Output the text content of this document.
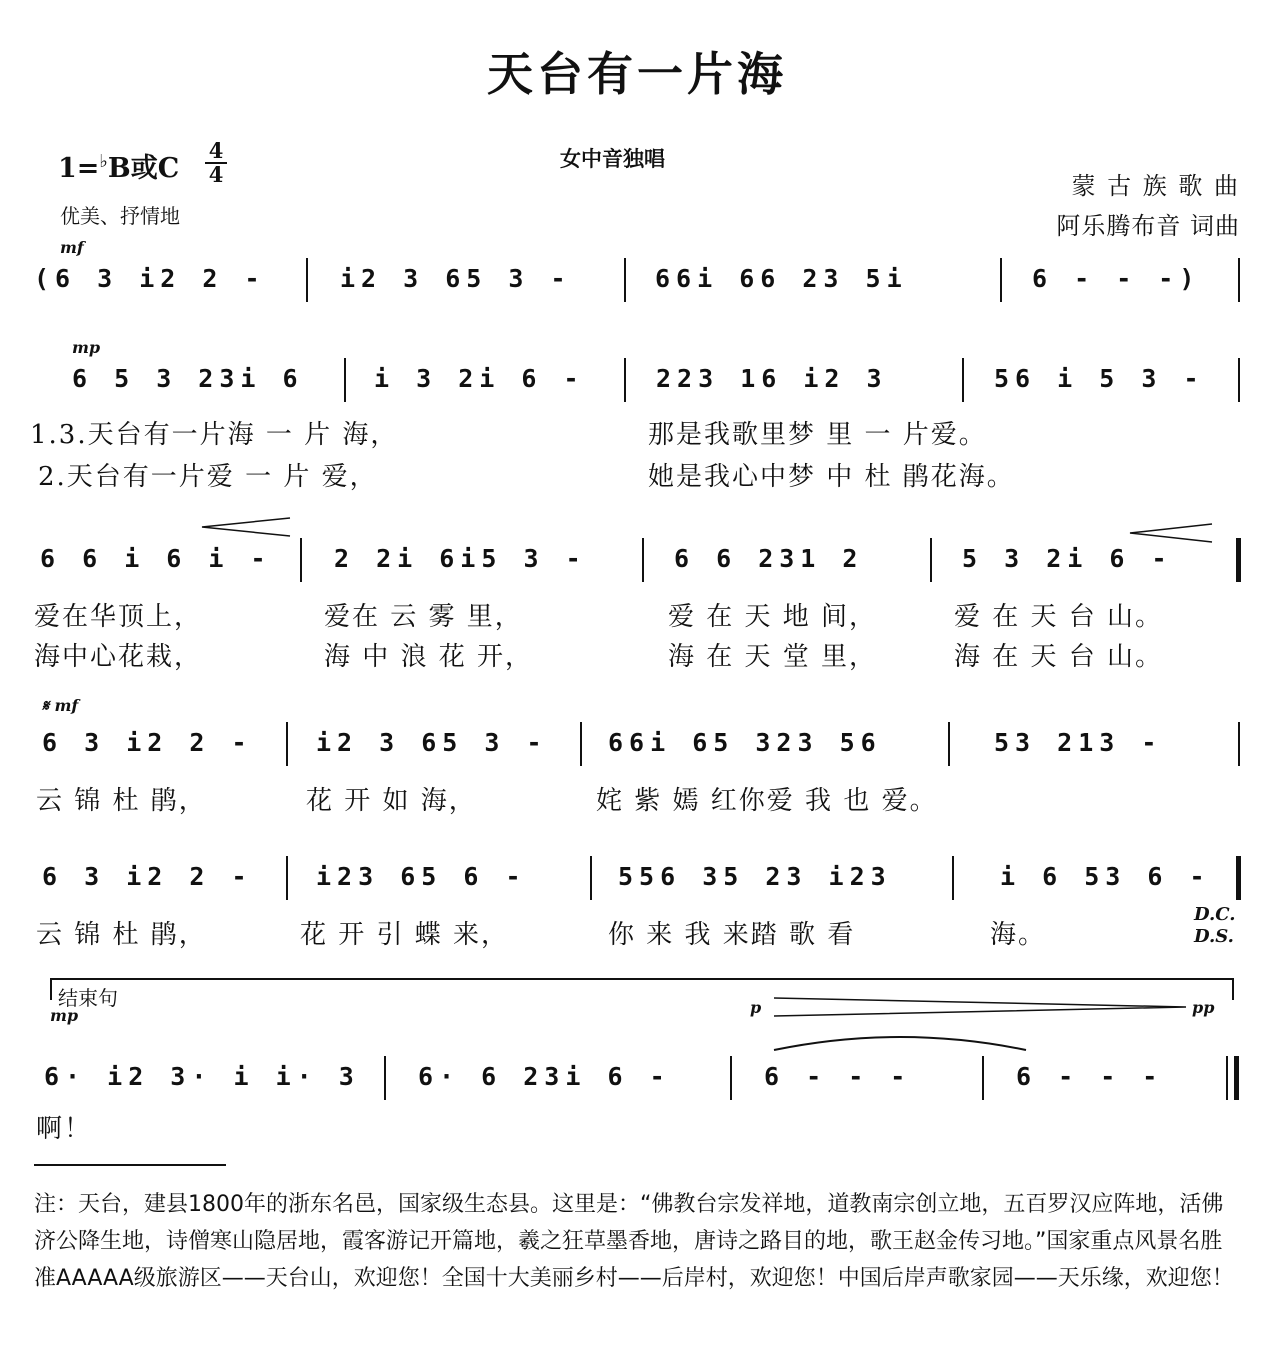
天台有一片海
1=♭B或C
4
4
优美、抒情地
女中音独唱
蒙 古 族 歌 曲
阿乐腾布音 词曲
mf
(6 3 i2 2 -	i2 3 65 3 -	66i 66 23 5i	6 - - -)
mp
6 5 3 23i 6	i 3 2i 6 -	223 16 i2 3	56 i 5 3 -
1.3.天台有一片海 一 片 海，	那是我歌里梦 里 一 片爱。
2.天台有一片爱 一 片 爱，	她是我心中梦 中 杜 鹃花海。
6 6 i 6 i - 2 2i 6i5 3 -	6 6 231 2	5 3 2i 6 -
爱在华顶上，	爱在 云 雾 里，	爱 在 天 地 间，	爱 在 天 台 山。
海中心花栽，	海 中 浪 花 开，	海 在 天 堂 里，	海 在 天 台 山。
𝄋 mf
6 3 i2 2 -	i2 3 65 3 - 66i 65 323 56	53 213 -
云 锦 杜 鹃，	花 开 如 海，	姹 紫 嫣 红你爱 我 也 爱。
6 3 i2 2 -	i23 65 6 -	556 35 23 i23	i 6 53 6 -
云 锦 杜 鹃，	花 开 引 蝶 来，	你 来 我 来踏 歌 看	海。
D.C.
D.S.
结束句
mp	p	pp
6· i2 3· i i· 3 6· 6 23i 6 -	6 - - -	6 - - -
啊！
注：天台，建县1800年的浙东名邑，国家级生态县。这里是：“佛教台宗发祥地，道教南宗创立地，五百罗汉应阵地，活佛济公降生地，诗僧寒山隐居地，霞客游记开篇地，羲之狂草墨香地，唐诗之路目的地，歌王赵金传习地。”国家重点风景名胜准AAAAA级旅游区——天台山，欢迎您！全国十大美丽乡村——后岸村，欢迎您！中国后岸声歌家园——天乐缘，欢迎您！
